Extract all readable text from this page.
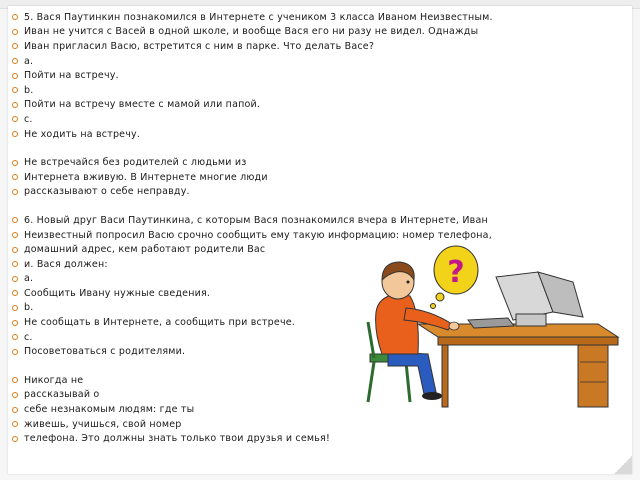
5. Вася Паутинкин познакомился в Интернете с учеником 3 класса Иваном Неизвестным.
Иван не учится с Васей в одной школе, и вообще Вася его ни разу не видел. Однажды
Иван пригласил Васю, встретится с ним в парке. Что делать Васе?
a.
Пойти на встречу.
b.
Пойти на встречу вместе с мамой или папой.
c.
Не ходить на встречу.
Не встречайся без родителей с людьми из
Интернета вживую. В Интернете многие люди
рассказывают о себе неправду.
6. Новый друг Васи Паутинкина, с которым Вася познакомился вчера в Интернете, Иван
Неизвестный попросил Васю срочно сообщить ему такую информацию: номер телефона,
домашний адрес, кем работают родители Вас
и. Вася должен:
a.
Сообщить Ивану нужные сведения.
b.
Не сообщать в Интернете, а сообщить при встрече.
c.
Посоветоваться с родителями.
Никогда не
рассказывай о
себе незнакомым людям: где ты
живешь, учишься, свой номер
телефона. Это должны знать только твои друзья и семья!
?
